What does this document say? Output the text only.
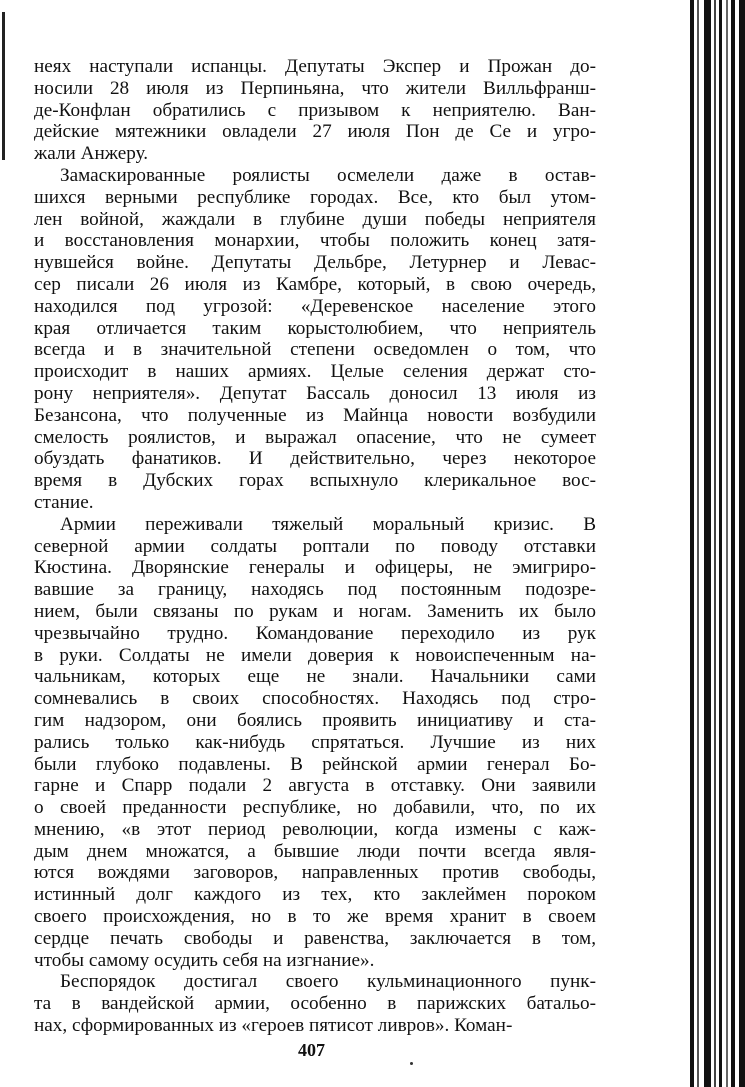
неях наступали испанцы. Депутаты Экспер и Прожан до-
носили 28 июля из Перпиньяна, что жители Вилльфранш-
де-Конфлан обратились с призывом к неприятелю. Ван-
дейские мятежники овладели 27 июля Пон де Се и угро-
жали Анжеру.
Замаскированные роялисты осмелели даже в остав-
шихся верными республике городах. Все, кто был утом-
лен войной, жаждали в глубине души победы неприятеля
и восстановления монархии, чтобы положить конец затя-
нувшейся войне. Депутаты Дельбре, Летурнер и Левас-
сер писали 26 июля из Камбре, который, в свою очередь,
находился под угрозой: «Деревенское население этого
края отличается таким корыстолюбием, что неприятель
всегда и в значительной степени осведомлен о том, что
происходит в наших армиях. Целые селения держат сто-
рону неприятеля». Депутат Бассаль доносил 13 июля из
Безансона, что полученные из Майнца новости возбудили
смелость роялистов, и выражал опасение, что не сумеет
обуздать фанатиков. И действительно, через некоторое
время в Дубских горах вспыхнуло клерикальное вос-
стание.
Армии переживали тяжелый моральный кризис. В
северной армии солдаты роптали по поводу отставки
Кюстина. Дворянские генералы и офицеры, не эмигриро-
вавшие за границу, находясь под постоянным подозре-
нием, были связаны по рукам и ногам. Заменить их было
чрезвычайно трудно. Командование переходило из рук
в руки. Солдаты не имели доверия к новоиспеченным на-
чальникам, которых еще не знали. Начальники сами
сомневались в своих способностях. Находясь под стро-
гим надзором, они боялись проявить инициативу и ста-
рались только как-нибудь спрятаться. Лучшие из них
были глубоко подавлены. В рейнской армии генерал Бо-
гарне и Спарр подали 2 августа в отставку. Они заявили
о своей преданности республике, но добавили, что, по их
мнению, «в этот период революции, когда измены с каж-
дым днем множатся, а бывшие люди почти всегда явля-
ются вождями заговоров, направленных против свободы,
истинный долг каждого из тех, кто заклеймен пороком
своего происхождения, но в то же время хранит в своем
сердце печать свободы и равенства, заключается в том,
чтобы самому осудить себя на изгнание».
Беспорядок достигал своего кульминационного пунк-
та в вандейской армии, особенно в парижских батальо-
нах, сформированных из «героев пятисот ливров». Коман-
407
